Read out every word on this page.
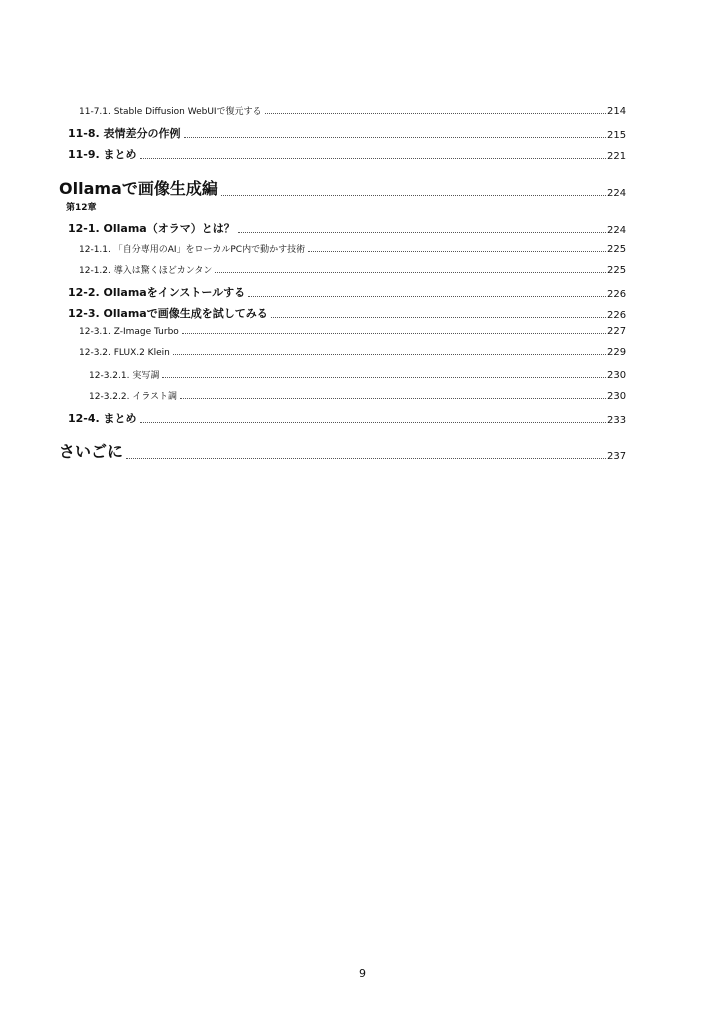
11-7.1. Stable Diffusion WebUIで復元する	214
11-8. 表情差分の作例	215
11-9. まとめ	221
Ollamaで画像生成編	224
第12章
12-1. Ollama（オラマ）とは？	224
12-1.1. 「自分専用のAI」をローカルPC内で動かす技術	225
12-1.2. 導入は驚くほどカンタン	225
12-2. Ollamaをインストールする	226
12-3. Ollamaで画像生成を試してみる	226
12-3.1. Z-Image Turbo	227
12-3.2. FLUX.2 Klein	229
12-3.2.1. 実写調	230
12-3.2.2. イラスト調	230
12-4. まとめ	233
さいごに	237
9
